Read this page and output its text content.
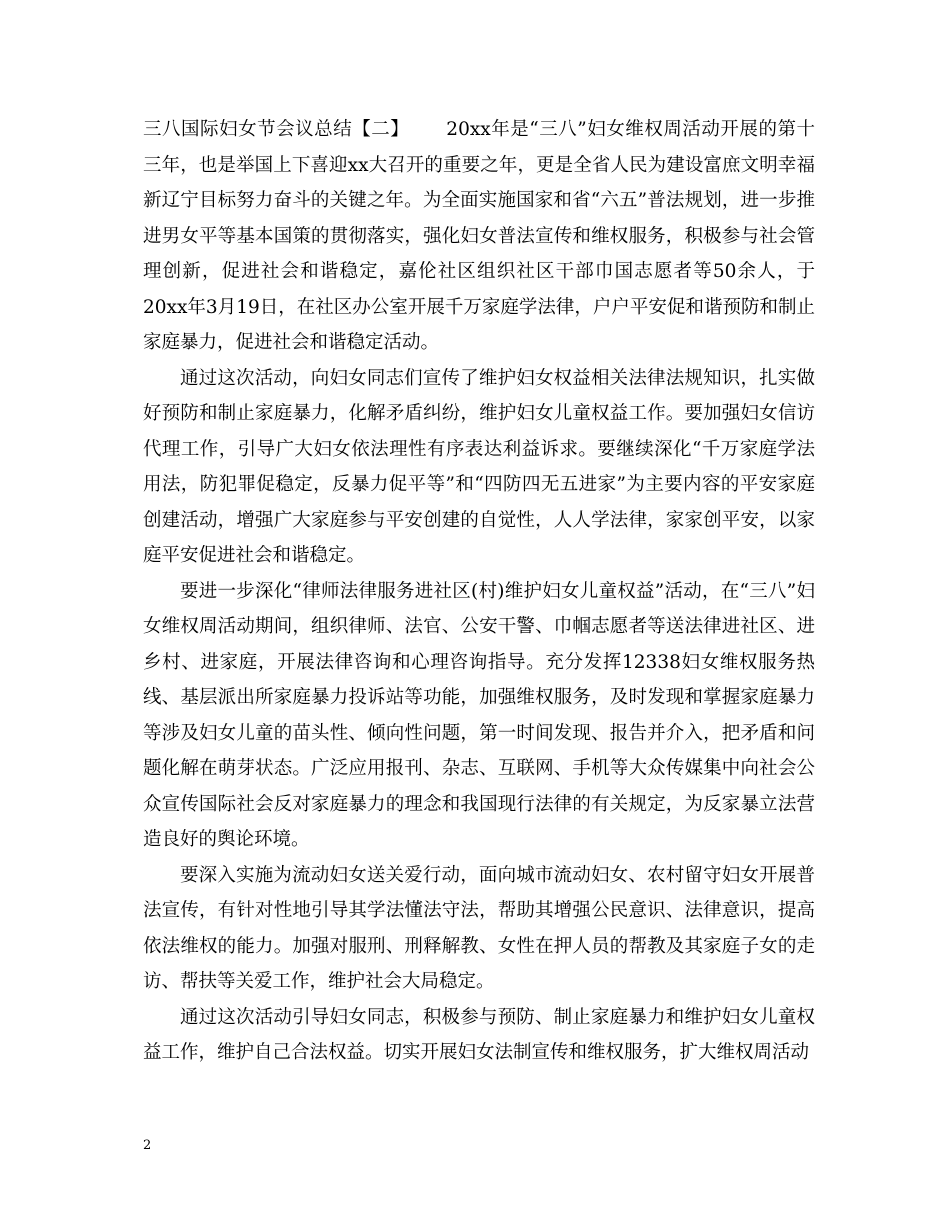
三八国际妇女节会议总结【二】 20xx年是“三八”妇女维权周活动开展的第十三年，也是举国上下喜迎xx大召开的重要之年，更是全省人民为建设富庶文明幸福新辽宁目标努力奋斗的关键之年。为全面实施国家和省“六五”普法规划，进一步推进男女平等基本国策的贯彻落实，强化妇女普法宣传和维权服务，积极参与社会管理创新，促进社会和谐稳定，嘉伦社区组织社区干部巾国志愿者等50余人，于20xx年3月19日，在社区办公室开展千万家庭学法律，户户平安促和谐预防和制止家庭暴力，促进社会和谐稳定活动。

通过这次活动，向妇女同志们宣传了维护妇女权益相关法律法规知识，扎实做好预防和制止家庭暴力，化解矛盾纠纷，维护妇女儿童权益工作。要加强妇女信访代理工作，引导广大妇女依法理性有序表达利益诉求。要继续深化“千万家庭学法用法，防犯罪促稳定，反暴力促平等”和“四防四无五进家”为主要内容的平安家庭创建活动，增强广大家庭参与平安创建的自觉性，人人学法律，家家创平安，以家庭平安促进社会和谐稳定。

要进一步深化“律师法律服务进社区(村)维护妇女儿童权益”活动，在“三八”妇女维权周活动期间，组织律师、法官、公安干警、巾帼志愿者等送法律进社区、进乡村、进家庭，开展法律咨询和心理咨询指导。充分发挥12338妇女维权服务热线、基层派出所家庭暴力投诉站等功能，加强维权服务，及时发现和掌握家庭暴力等涉及妇女儿童的苗头性、倾向性问题，第一时间发现、报告并介入，把矛盾和问题化解在萌芽状态。广泛应用报刊、杂志、互联网、手机等大众传媒集中向社会公众宣传国际社会反对家庭暴力的理念和我国现行法律的有关规定，为反家暴立法营造良好的舆论环境。

要深入实施为流动妇女送关爱行动，面向城市流动妇女、农村留守妇女开展普法宣传，有针对性地引导其学法懂法守法，帮助其增强公民意识、法律意识，提高依法维权的能力。加强对服刑、刑释解教、女性在押人员的帮教及其家庭子女的走访、帮扶等关爱工作，维护社会大局稳定。

通过这次活动引导妇女同志，积极参与预防、制止家庭暴力和维护妇女儿童权益工作，维护自己合法权益。切实开展妇女法制宣传和维权服务，扩大维权周活动

2
